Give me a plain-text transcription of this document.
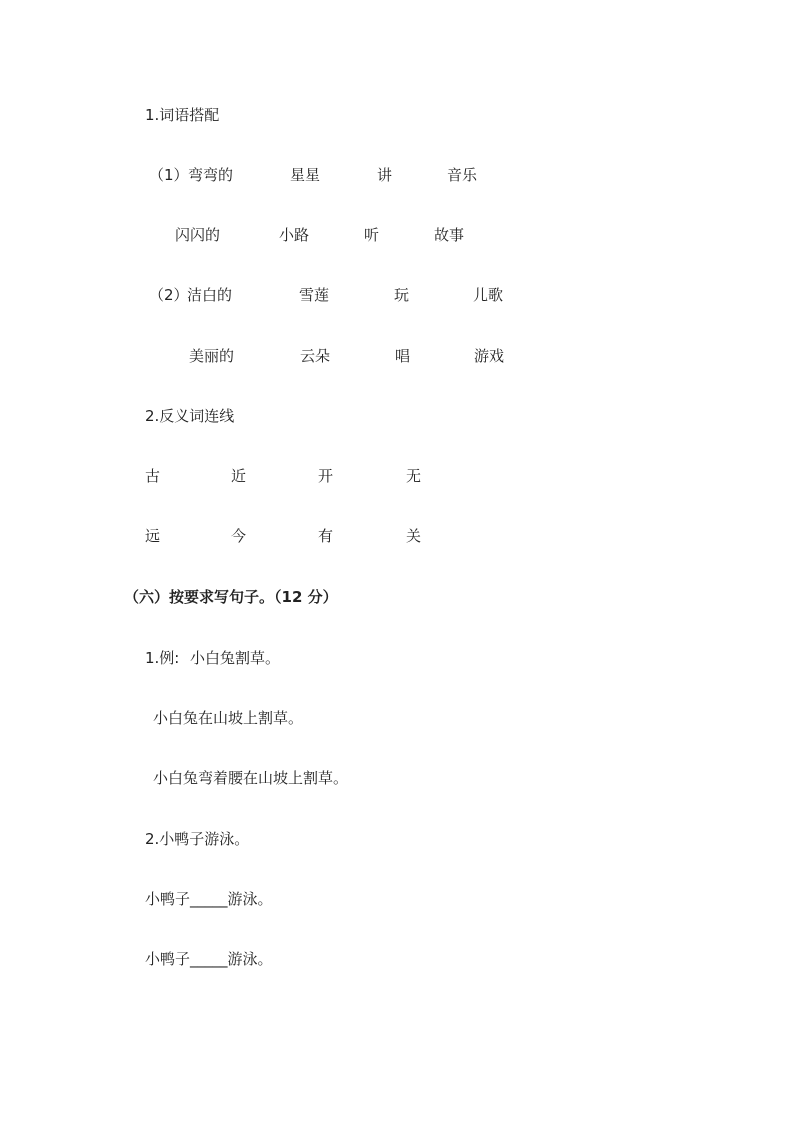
1.词语搭配
（1） 弯弯的	星星	讲	音乐
闪闪的	小路	听	故事
（2）
洁白的	雪莲	玩	儿歌
美丽的	云朵	唱	游戏
2.反义词连线
古	近	开	无
远	今	有	关
（六）按要求写句子。（12 分）
1.例: 小白兔割草。
小白兔在山坡上割草。
小白兔弯着腰在山坡上割草。
2.小鸭子游泳。
小鸭子_____游泳。
小鸭子_____游泳。
